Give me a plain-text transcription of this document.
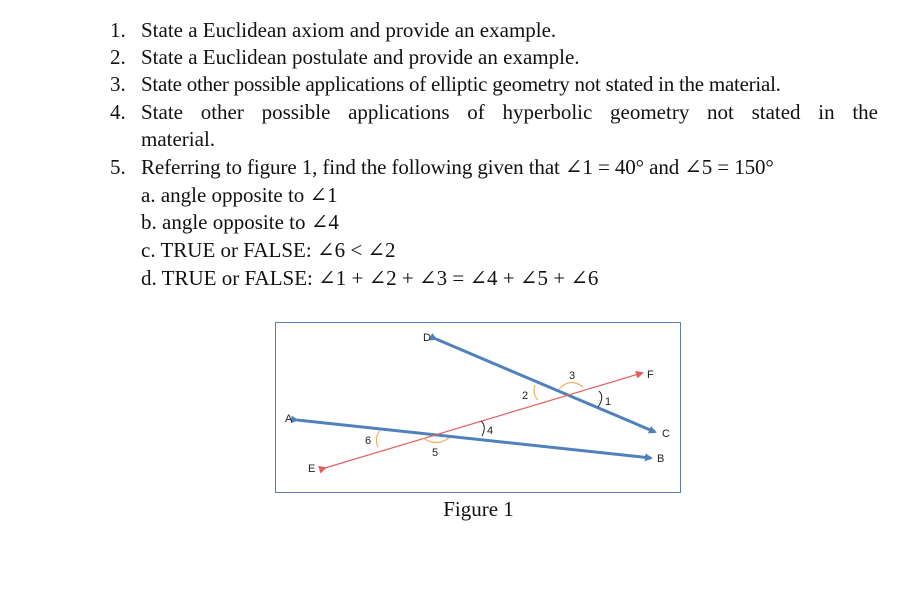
1. State a Euclidean axiom and provide an example.
2. State a Euclidean postulate and provide an example.
3. State other possible applications of elliptic geometry not stated in the material.
4. State other possible applications of hyperbolic geometry not stated in the
material.
5. Referring to figure 1, find the following given that ∠1 = 40° and ∠5 = 150°
a. angle opposite to ∠1
b. angle opposite to ∠4
c. TRUE or FALSE: ∠6 < ∠2
d. TRUE or FALSE: ∠1 + ∠2 + ∠3 = ∠4 + ∠5 + ∠6
D
A
E
F
C
B
1
2
3
4
5
6
Figure 1
